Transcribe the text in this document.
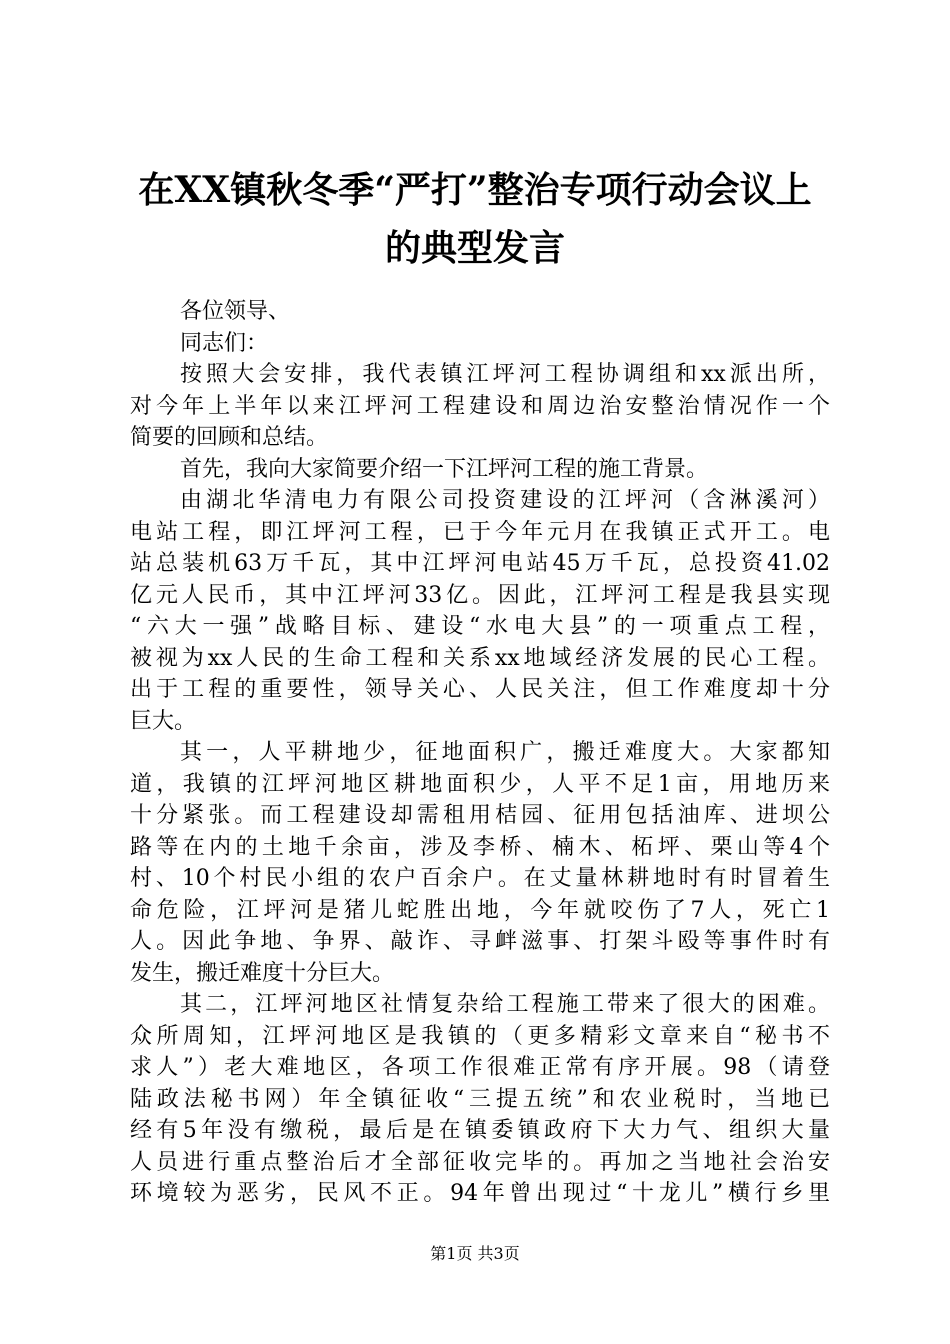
在XX镇秋冬季“严打”整治专项行动会议上
的典型发言
各位领导、
同志们：
按照大会安排，我代表镇江坪河工程协调组和xx派出所，
对今年上半年以来江坪河工程建设和周边治安整治情况作一个
简要的回顾和总结。
首先，我向大家简要介绍一下江坪河工程的施工背景。
由湖北华清电力有限公司投资建设的江坪河（含淋溪河）
电站工程，即江坪河工程，已于今年元月在我镇正式开工。电
站总装机63万千瓦，其中江坪河电站45万千瓦，总投资41.02
亿元人民币，其中江坪河33亿。因此，江坪河工程是我县实现
“六大一强”战略目标、建设“水电大县”的一项重点工程，
被视为xx人民的生命工程和关系xx地域经济发展的民心工程。
出于工程的重要性，领导关心、人民关注，但工作难度却十分
巨大。
其一，人平耕地少，征地面积广，搬迁难度大。大家都知
道，我镇的江坪河地区耕地面积少，人平不足1亩，用地历来
十分紧张。而工程建设却需租用桔园、征用包括油库、进坝公
路等在内的土地千余亩，涉及李桥、楠木、柘坪、栗山等4个
村、10个村民小组的农户百余户。在丈量林耕地时有时冒着生
命危险，江坪河是猪儿蛇胜出地，今年就咬伤了7人，死亡1
人。因此争地、争界、敲诈、寻衅滋事、打架斗殴等事件时有
发生，搬迁难度十分巨大。
其二，江坪河地区社情复杂给工程施工带来了很大的困难。
众所周知，江坪河地区是我镇的（更多精彩文章来自“秘书不
求人”）老大难地区，各项工作很难正常有序开展。98（请登
陆政法秘书网）年全镇征收“三提五统”和农业税时，当地已
经有5年没有缴税，最后是在镇委镇政府下大力气、组织大量
人员进行重点整治后才全部征收完毕的。再加之当地社会治安
环境较为恶劣，民风不正。94年曾出现过“十龙儿”横行乡里
第1页 共3页
